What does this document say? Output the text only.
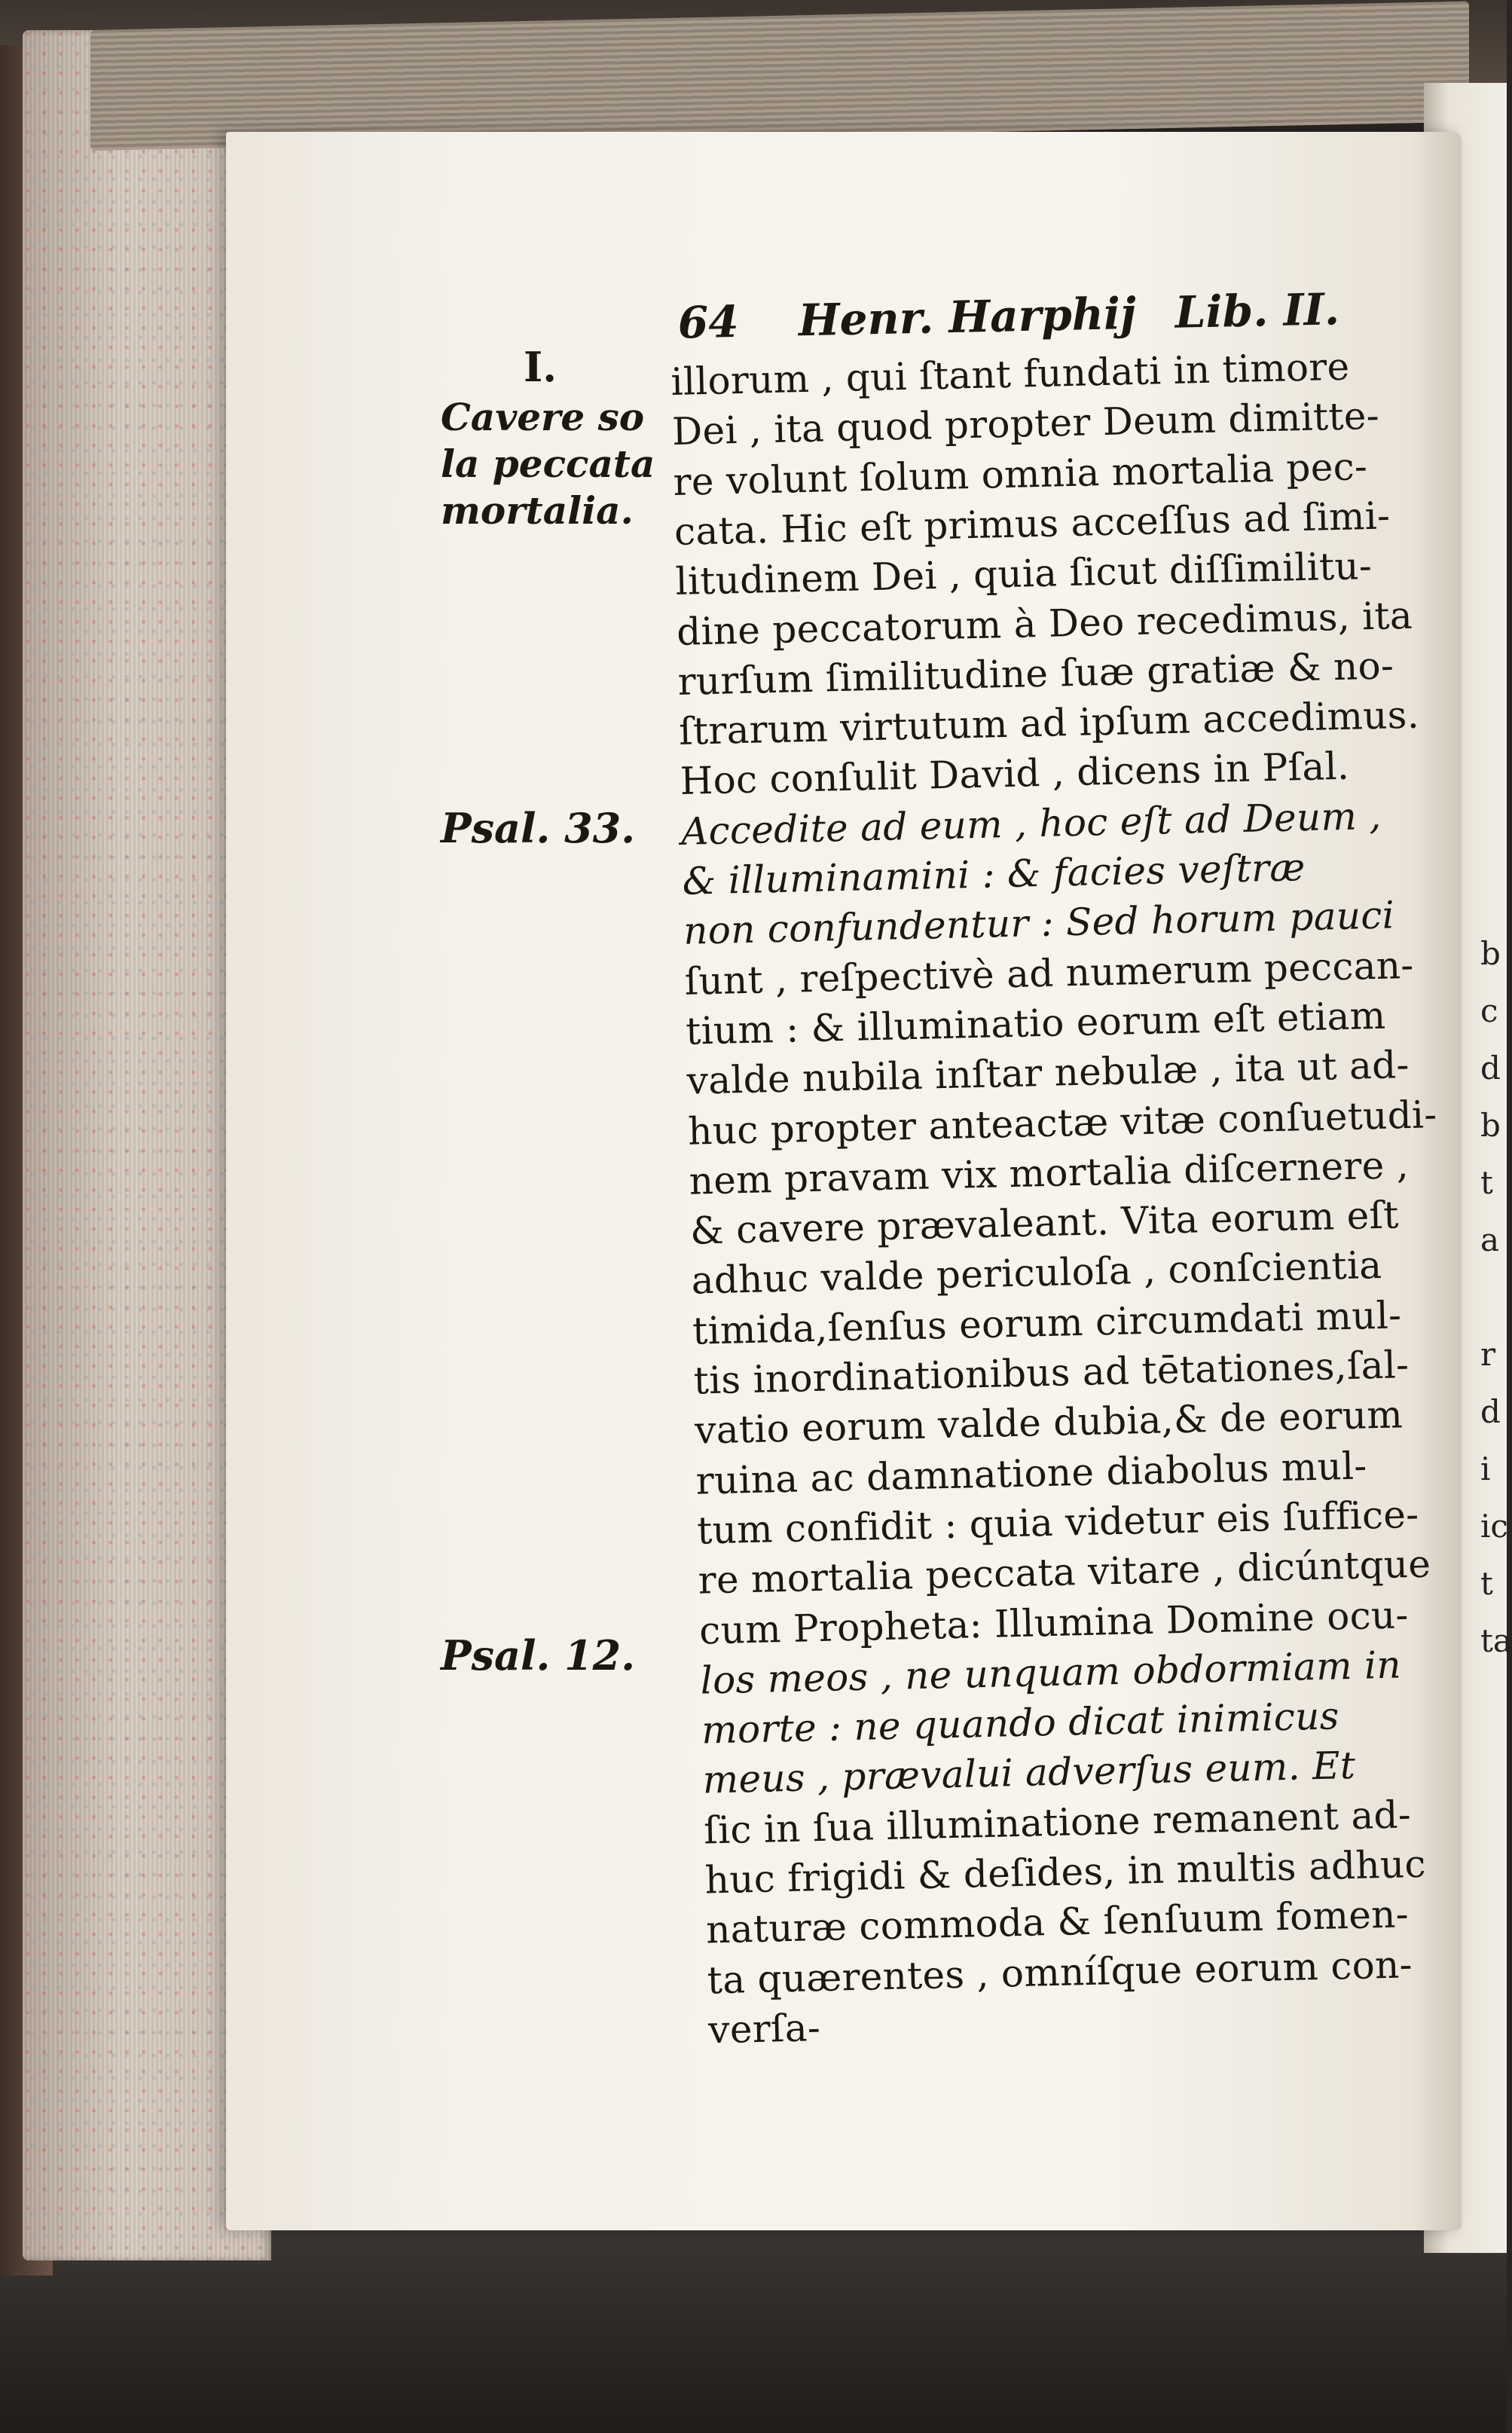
b
c
d
b
t
a
r
d
i
ic
t
ta
64 Henr. Harphij Lib. II.
I.
Cavere so
la peccata
mortalia.
Psal. 33.
Psal. 12.
illorum , qui ſtant fundati in timore
Dei , ita quod propter Deum dimitte-
re volunt ſolum omnia mortalia pec-
cata. Hic eſt primus acceſſus ad ſimi-
litudinem Dei , quia ſicut diſſimilitu-
dine peccatorum à Deo recedimus, ita
rurſum ſimilitudine ſuæ gratiæ & no-
ſtrarum virtutum ad ipſum accedimus.
Hoc conſulit David , dicens in Pſal.
Accedite ad eum , hoc eſt ad Deum ,
& illuminamini : & facies veſtræ
non confundentur : Sed horum pauci
ſunt , reſpectivè ad numerum peccan-
tium : & illuminatio eorum eſt etiam
valde nubila inſtar nebulæ , ita ut ad-
huc propter anteactæ vitæ conſuetudi-
nem pravam vix mortalia diſcernere ,
& cavere prævaleant. Vita eorum eſt
adhuc valde periculoſa , conſcientia
timida,ſenſus eorum circumdati mul-
tis inordinationibus ad tētationes,ſal-
vatio eorum valde dubia,& de eorum
ruina ac damnatione diabolus mul-
tum confidit : quia videtur eis ſuffice-
re mortalia peccata vitare , dicúntque
cum Propheta: Illumina Domine ocu-
los meos , ne unquam obdormiam in
morte : ne quando dicat inimicus
meus , prævalui adverſus eum. Et
ſic in ſua illuminatione remanent ad-
huc frigidi & deſides, in multis adhuc
naturæ commoda & ſenſuum fomen-
ta quærentes , omníſque eorum con-
verſa-
